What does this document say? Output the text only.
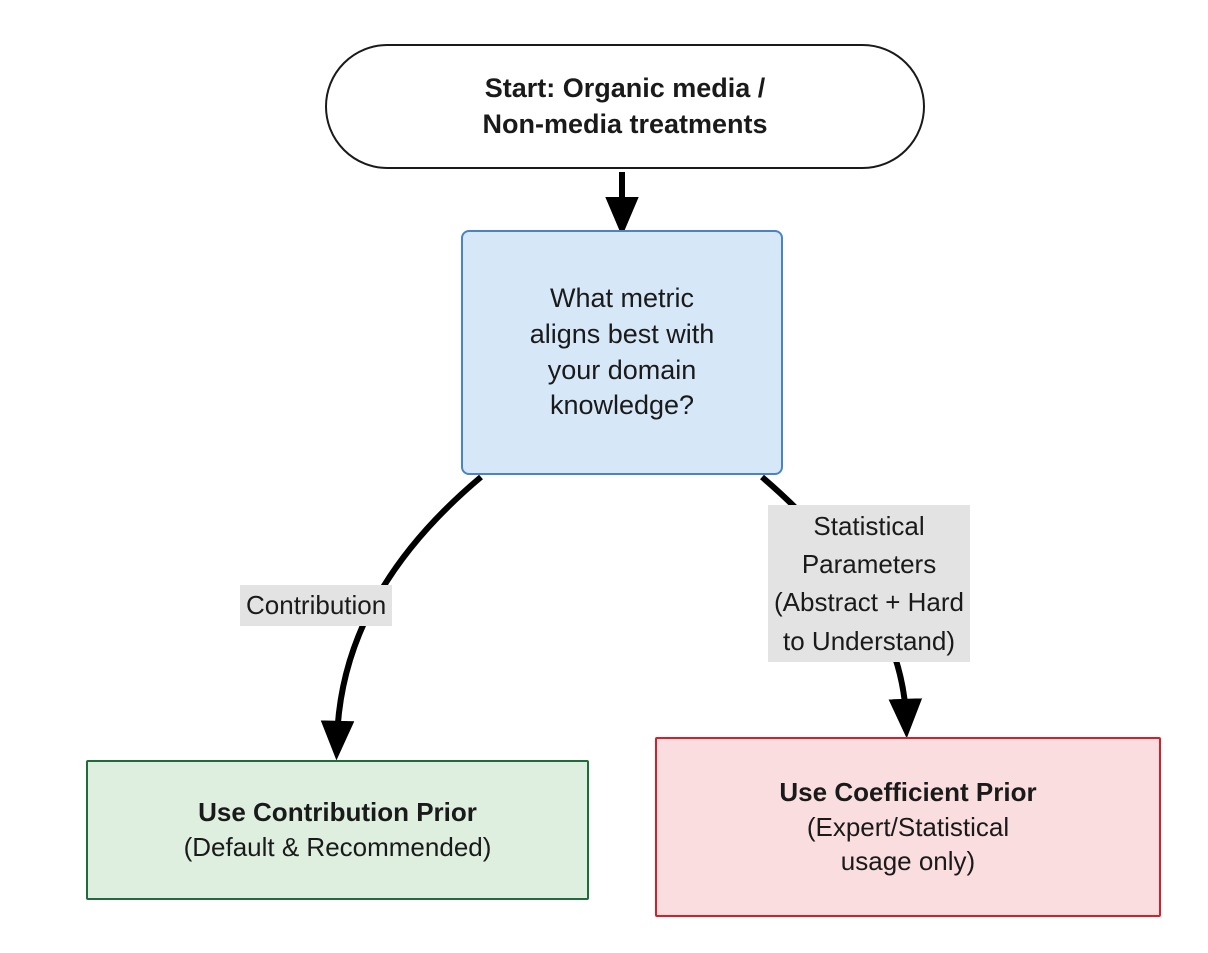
Start: Organic media /
Non-media treatments
What metric
aligns best with
your domain
knowledge?
Use Contribution Prior
(Default & Recommended)
Use Coefficient Prior
(Expert/Statistical
usage only)
Contribution
Statistical
Parameters
(Abstract + Hard
to Understand)
